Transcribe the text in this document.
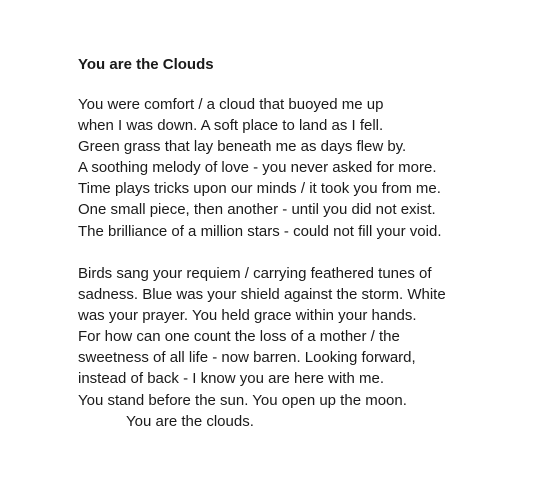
You are the Clouds
You were comfort / a cloud that buoyed me up
when I was down. A soft place to land as I fell.
Green grass that lay beneath me as days flew by.
A soothing melody of love - you never asked for more.
Time plays tricks upon our minds / it took you from me.
One small piece, then another - until you did not exist.
The brilliance of a million stars - could not fill your void.
Birds sang your requiem / carrying feathered tunes of
sadness. Blue was your shield against the storm. White
was your prayer. You held grace within your hands.
For how can one count the loss of a mother / the
sweetness of all life - now barren. Looking forward,
instead of back - I know you are here with me.
You stand before the sun. You open up the moon.
You are the clouds.
